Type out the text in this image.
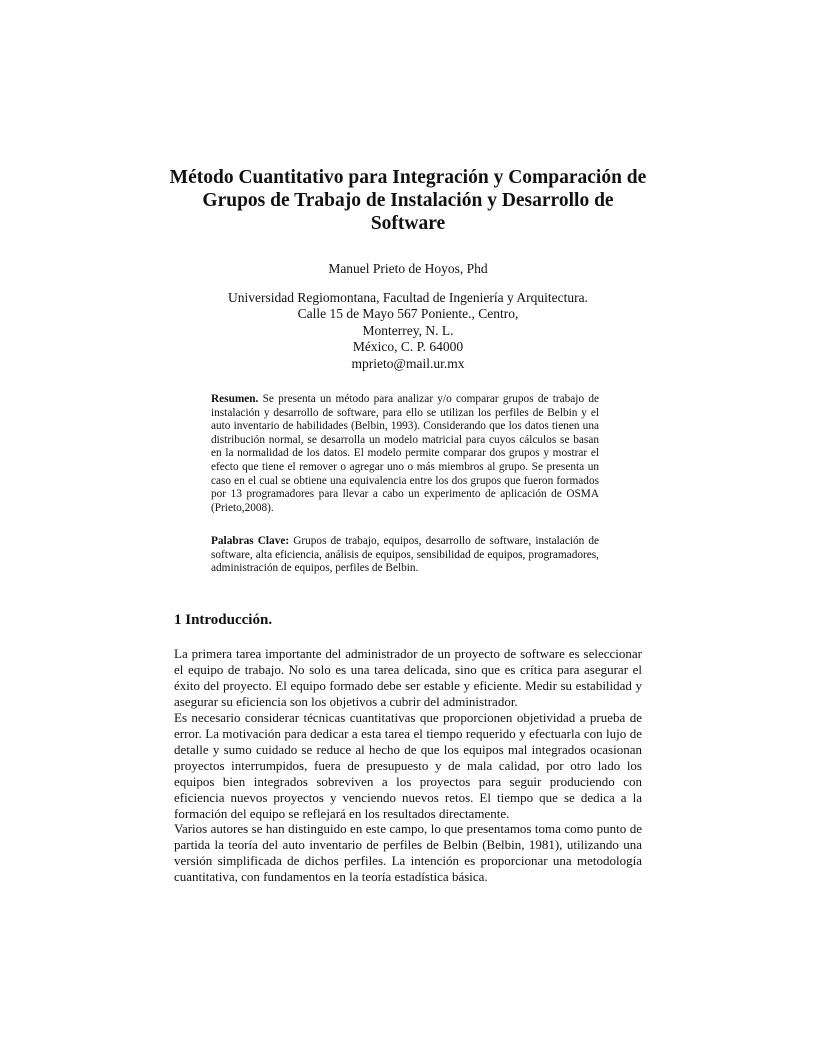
Método Cuantitativo para Integración y Comparación de
Grupos de Trabajo de Instalación y Desarrollo de
Software
Manuel Prieto de Hoyos, Phd
Universidad Regiomontana, Facultad de Ingeniería y Arquitectura.
Calle 15 de Mayo 567 Poniente., Centro,
Monterrey, N. L.
México, C. P. 64000
mprieto@mail.ur.mx

Resumen. Se presenta un método para analizar y/o comparar grupos de trabajo de instalación y desarrollo de software, para ello se utilizan los perfiles de Belbin y el auto inventario de habilidades (Belbin, 1993). Considerando que los datos tienen una distribución normal, se desarrolla un modelo matricial para cuyos cálculos se basan en la normalidad de los datos. El modelo permite comparar dos grupos y mostrar el efecto que tiene el remover o agregar uno o más miembros al grupo. Se presenta un caso en el cual se obtiene una equivalencia entre los dos grupos que fueron formados por 13 programadores para llevar a cabo un experimento de aplicación de OSMA (Prieto,2008).

Palabras Clave: Grupos de trabajo, equipos, desarrollo de software, instalación de software, alta eficiencia, análisis de equipos, sensibilidad de equipos, programadores, administración de equipos, perfiles de Belbin.

1 Introducción.

La primera tarea importante del administrador de un proyecto de software es seleccionar el equipo de trabajo. No solo es una tarea delicada, sino que es crítica para asegurar el éxito del proyecto. El equipo formado debe ser estable y eficiente. Medir su estabilidad y asegurar su eficiencia son los objetivos a cubrir del administrador.

Es necesario considerar técnicas cuantitativas que proporcionen objetividad a prueba de error. La motivación para dedicar a esta tarea el tiempo requerido y efectuarla con lujo de detalle y sumo cuidado se reduce al hecho de que los equipos mal integrados ocasionan proyectos interrumpidos, fuera de presupuesto y de mala calidad, por otro lado los equipos bien integrados sobreviven a los proyectos para seguir produciendo con eficiencia nuevos proyectos y venciendo nuevos retos. El tiempo que se dedica a la formación del equipo se reflejará en los resultados directamente.

Varios autores se han distinguido en este campo, lo que presentamos toma como punto de partida la teoría del auto inventario de perfiles de Belbin (Belbin, 1981), utilizando una versión simplificada de dichos perfiles. La intención es proporcionar una metodología cuantitativa, con fundamentos en la teoría estadística básica.
